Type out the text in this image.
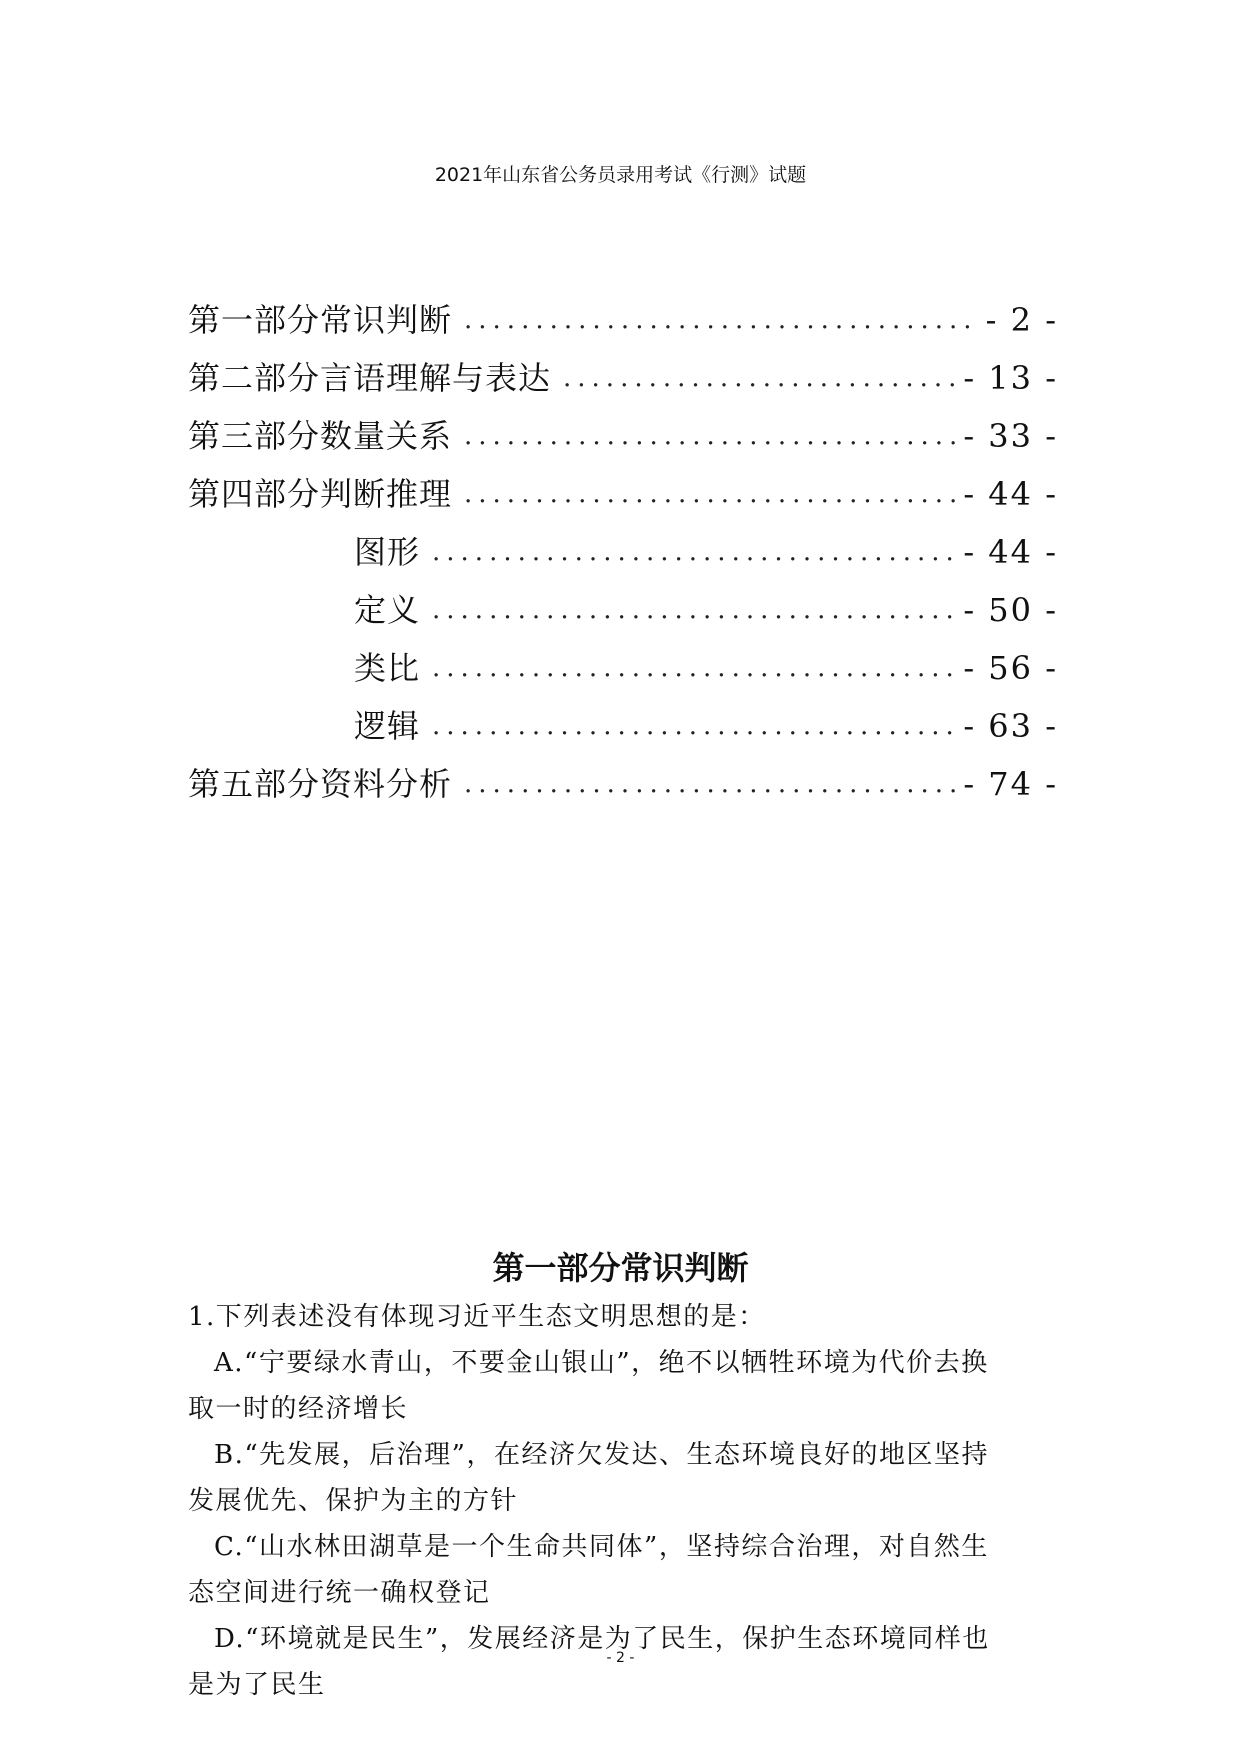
2021年山东省公务员录用考试《行测》试题
第一部分常识判断 .....	- 2 -
第二部分言语理解与表达 .....	- 13 -
第三部分数量关系 .....	- 33 -
第四部分判断推理 .....	- 44 -
图形 .....	- 44 -
定义 .....	- 50 -
类比 .....	- 56 -
逻辑 .....	- 63 -
第五部分资料分析 .....	- 74 -
第一部分常识判断
1.下列表述没有体现习近平生态文明思想的是：
A.“宁要绿水青山，不要金山银山”，绝不以牺牲环境为代价去换
取一时的经济增长
B.“先发展，后治理”，在经济欠发达、生态环境良好的地区坚持
发展优先、保护为主的方针
C.“山水林田湖草是一个生命共同体”，坚持综合治理，对自然生
态空间进行统一确权登记
D.“环境就是民生”，发展经济是为了民生，保护生态环境同样也
是为了民生
- 2 -
